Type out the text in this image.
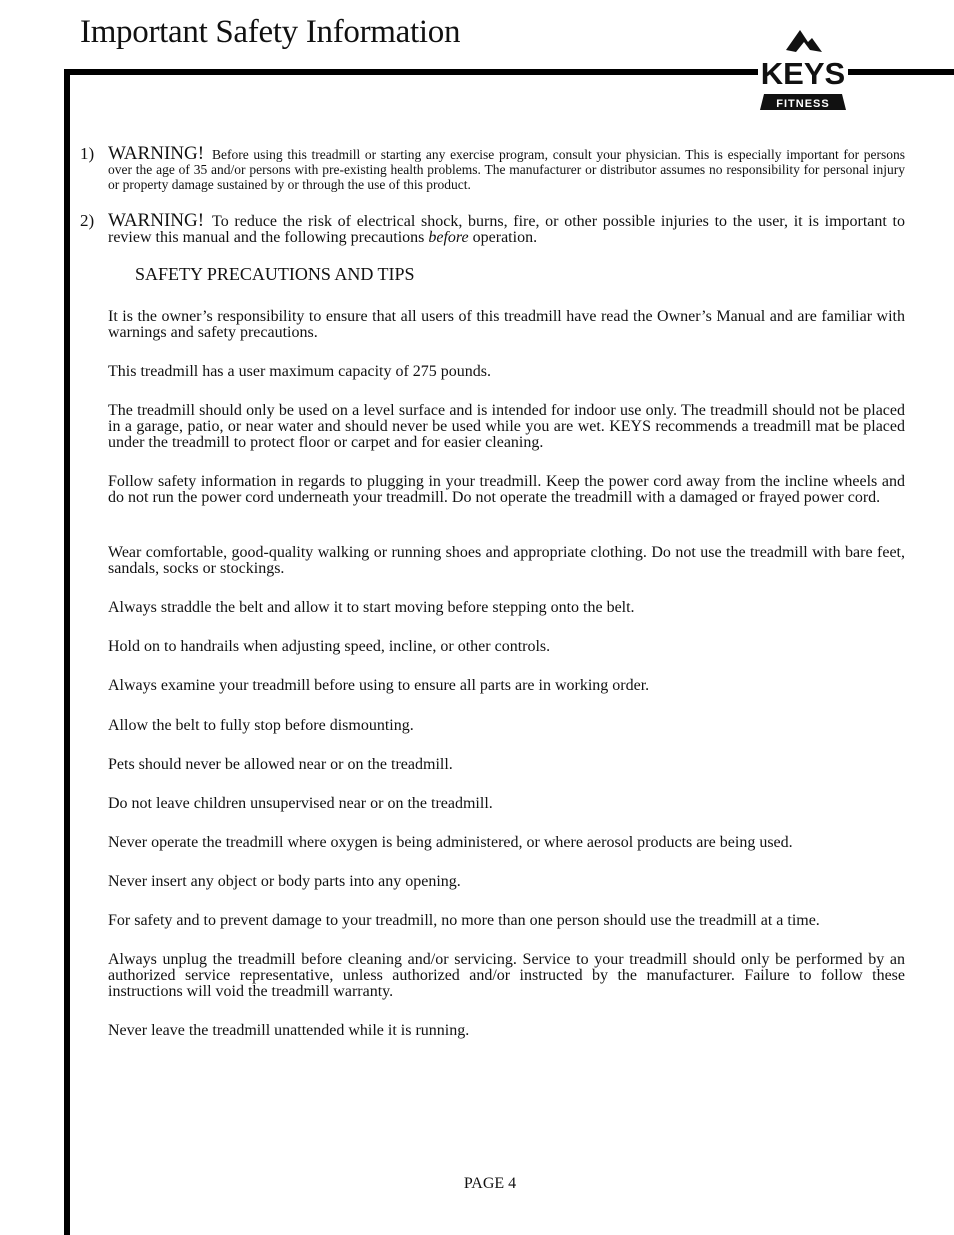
Important Safety Information
KEYS
FITNESS
1) WARNING! Before using this treadmill or starting any exercise program, consult your physician. This is especially important for persons over the age of 35 and/or persons with pre-existing health problems. The manufacturer or distributor assumes no responsibility for personal injury or property damage sustained by or through the use of this product.
2) WARNING! To reduce the risk of electrical shock, burns, fire, or other possible injuries to the user, it is important to review this manual and the following precautions before operation.
SAFETY PRECAUTIONS AND TIPS
It is the owner’s responsibility to ensure that all users of this treadmill have read the Owner’s Manual and are familiar with warnings and safety precautions.
This treadmill has a user maximum capacity of 275 pounds.
The treadmill should only be used on a level surface and is intended for indoor use only. The treadmill should not be placed in a garage, patio, or near water and should never be used while you are wet. KEYS recommends a treadmill mat be placed under the treadmill to protect floor or carpet and for easier cleaning.
Follow safety information in regards to plugging in your treadmill. Keep the power cord away from the incline wheels and do not run the power cord underneath your treadmill. Do not operate the treadmill with a damaged or frayed power cord.
Wear comfortable, good-quality walking or running shoes and appropriate clothing. Do not use the treadmill with bare feet, sandals, socks or stockings.
Always straddle the belt and allow it to start moving before stepping onto the belt.
Hold on to handrails when adjusting speed, incline, or other controls.
Always examine your treadmill before using to ensure all parts are in working order.
Allow the belt to fully stop before dismounting.
Pets should never be allowed near or on the treadmill.
Do not leave children unsupervised near or on the treadmill.
Never operate the treadmill where oxygen is being administered, or where aerosol products are being used.
Never insert any object or body parts into any opening.
For safety and to prevent damage to your treadmill, no more than one person should use the treadmill at a time.
Always unplug the treadmill before cleaning and/or servicing. Service to your treadmill should only be performed by an authorized service representative, unless authorized and/or instructed by the manufacturer. Failure to follow these instructions will void the treadmill warranty.
Never leave the treadmill unattended while it is running.
PAGE 4
